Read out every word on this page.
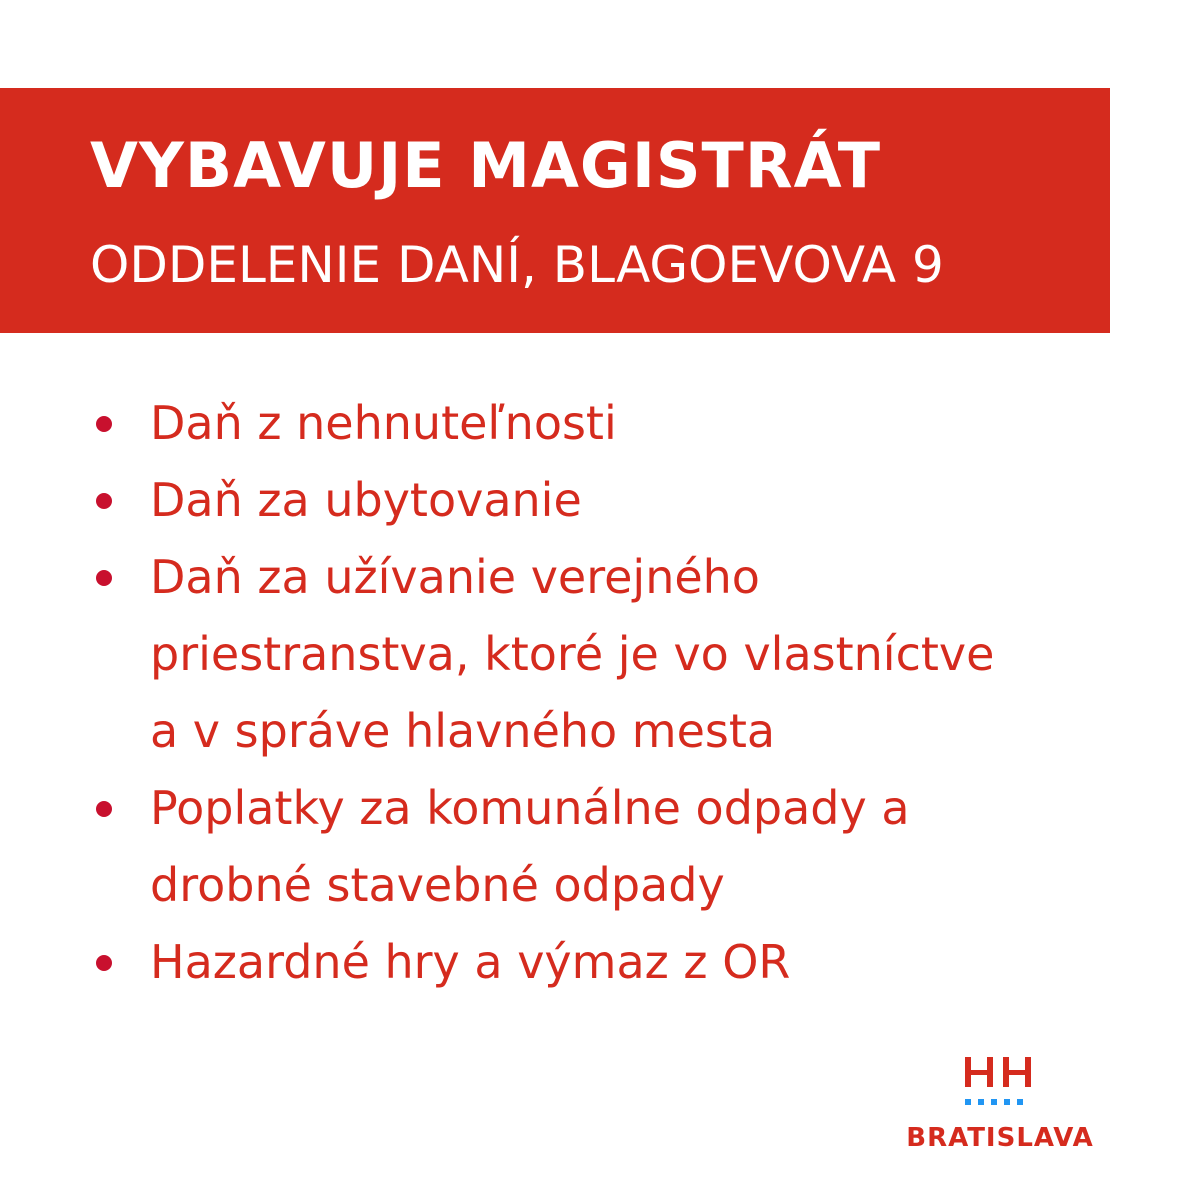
VYBAVUJE MAGISTRÁT
ODDELENIE DANÍ, BLAGOEVOVA 9
Daň z nehnuteľnosti
Daň za ubytovanie
Daň za užívanie verejného
priestranstva, ktoré je vo vlastníctve
a v správe hlavného mesta
Poplatky za komunálne odpady a
drobné stavebné odpady
Hazardné hry a výmaz z OR
BRATISLAVA
